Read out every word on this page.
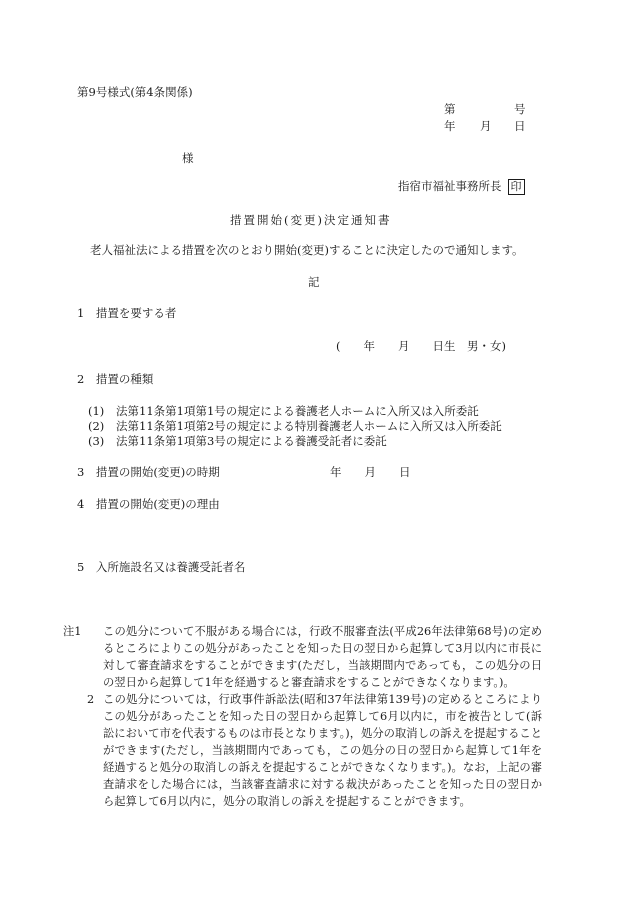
第9号様式(第4条関係)
第	号
年 月 日
様
指宿市福祉事務所長 印
措置開始(変更)決定通知書
老人福祉法による措置を次のとおり開始(変更)することに決定したので通知します。
記
1　措置を要する者
(　　年　　月　　日生　男・女)
2　措置の種類
(1) 法第11条第1項第1号の規定による養護老人ホームに入所又は入所委託
(2) 法第11条第1項第2号の規定による特別養護老人ホームに入所又は入所委託
(3) 法第11条第1項第3号の規定による養護受託者に委託
3　措置の開始(変更)の時期	年　　月　　日
4　措置の開始(変更)の理由
5　入所施設名又は養護受託者名
注1 この処分について不服がある場合には，行政不服審査法(平成26年法律第68号)の定めるところによりこの処分があったことを知った日の翌日から起算して3月以内に市長に対して審査請求をすることができます(ただし，当該期間内であっても，この処分の日の翌日から起算して1年を経過すると審査請求をすることができなくなります。)。
2 この処分については，行政事件訴訟法(昭和37年法律第139号)の定めるところによりこの処分があったことを知った日の翌日から起算して6月以内に，市を被告として(訴訟において市を代表するものは市長となります。)，処分の取消しの訴えを提起することができます(ただし，当該期間内であっても，この処分の日の翌日から起算して1年を経過すると処分の取消しの訴えを提起することができなくなります。)。なお，上記の審査請求をした場合には，当該審査請求に対する裁決があったことを知った日の翌日から起算して6月以内に，処分の取消しの訴えを提起することができます。
